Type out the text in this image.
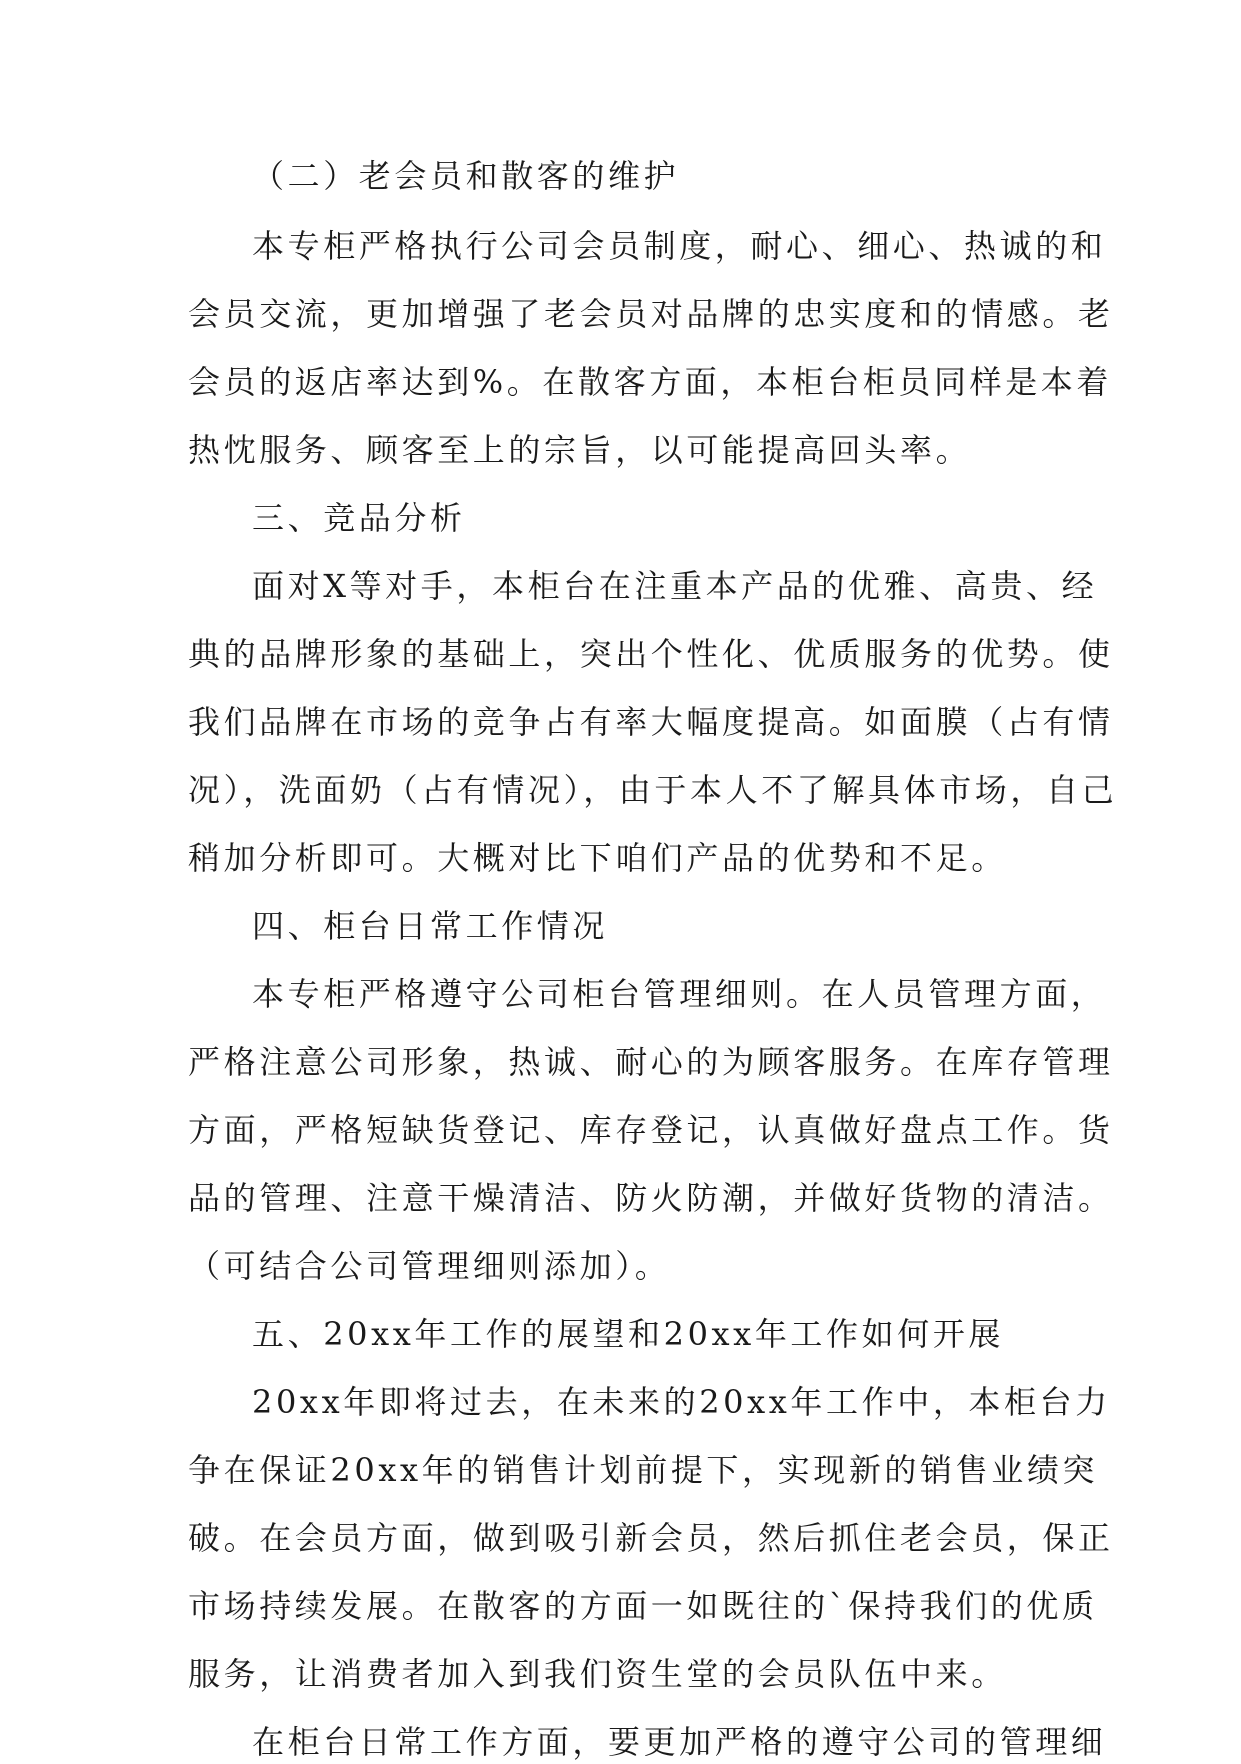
（二）老会员和散客的维护
本专柜严格执行公司会员制度，耐心、细心、热诚的和
会员交流，更加增强了老会员对品牌的忠实度和的情感。老
会员的返店率达到%。在散客方面，本柜台柜员同样是本着
热忱服务、顾客至上的宗旨，以可能提高回头率。
三、竞品分析
面对X等对手，本柜台在注重本产品的优雅、高贵、经
典的品牌形象的基础上，突出个性化、优质服务的优势。使
我们品牌在市场的竞争占有率大幅度提高。如面膜（占有情
况），洗面奶（占有情况），由于本人不了解具体市场，自己
稍加分析即可。大概对比下咱们产品的优势和不足。
四、柜台日常工作情况
本专柜严格遵守公司柜台管理细则。在人员管理方面，
严格注意公司形象，热诚、耐心的为顾客服务。在库存管理
方面，严格短缺货登记、库存登记，认真做好盘点工作。货
品的管理、注意干燥清洁、防火防潮，并做好货物的清洁。
（可结合公司管理细则添加）。
五、20xx年工作的展望和20xx年工作如何开展
20xx年即将过去，在未来的20xx年工作中，本柜台力
争在保证20xx年的销售计划前提下，实现新的销售业绩突
破。在会员方面，做到吸引新会员，然后抓住老会员，保正
市场持续发展。在散客的方面一如既往的`保持我们的优质
服务，让消费者加入到我们资生堂的会员队伍中来。
在柜台日常工作方面，要更加严格的遵守公司的管理细
